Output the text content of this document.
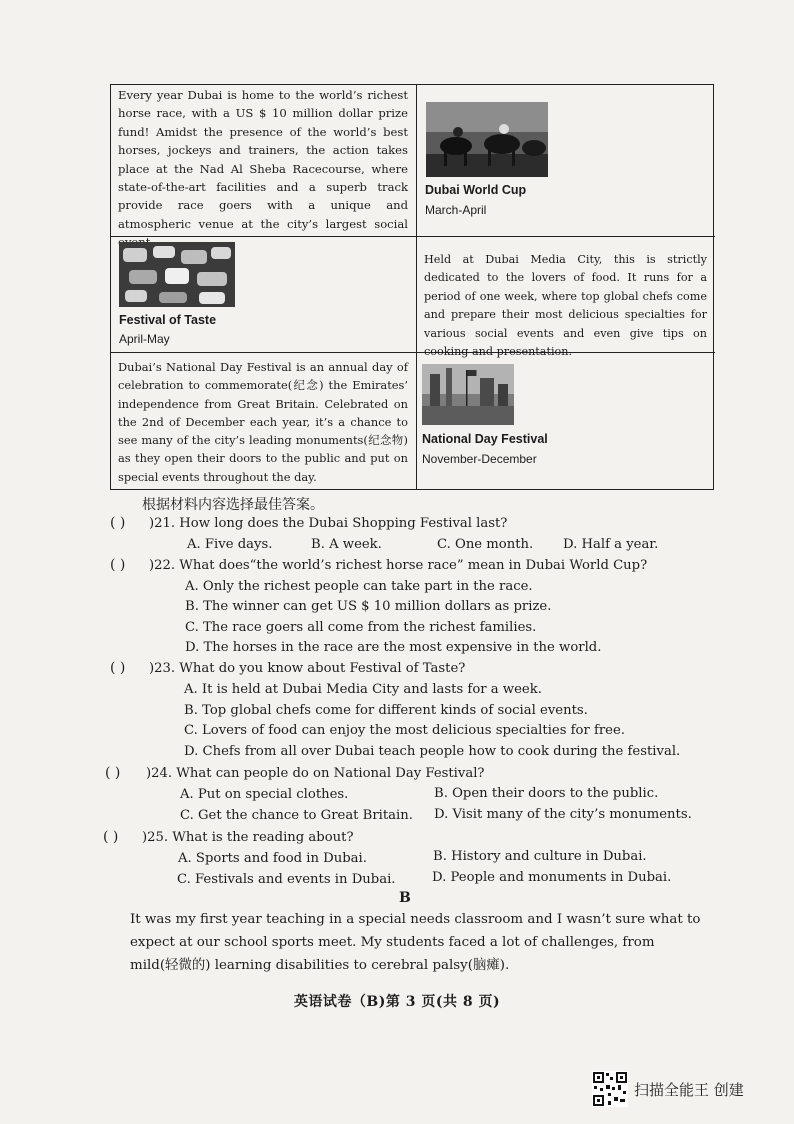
Every year Dubai is home to the world’s richest horse race, with a US $ 10 million dollar prize fund! Amidst the presence of the world’s best horses, jockeys and trainers, the action takes place at the Nad Al Sheba Racecourse, where state-of-the-art facilities and a superb track provide race goers with a unique and atmospheric venue at the city’s largest social
Dubai World Cup
March-April
Festival of Taste
April-May
Held at Dubai Media City, this is strictly dedicated to the lovers of food. It runs for a period of one week, where top global chefs come and prepare their most delicious specialties for various social events and even give tips on cooking and presentation.
Dubai’s National Day Festival is an annual day of celebration to commemorate(纪念) the Emirates’ independence from Great Britain. Celebrated on the 2nd of December each year, it’s a chance to see many of the city’s leading monuments(纪念物) as they open their doors to the public and put on special events throughout the day.
National Day Festival
November-December
根据材料内容选择最佳答案。
( ) )21. How long does the Dubai Shopping Festival last?
A. Five days.	B. A week.	C. One month. D. Half a year.
( ) )22. What does“the world’s richest horse race” mean in Dubai World Cup?
A. Only the richest people can take part in the race.
B. The winner can get US $ 10 million dollars as prize.
C. The race goers all come from the richest families.
D. The horses in the race are the most expensive in the world.
( ) )23. What do you know about Festival of Taste?
A. It is held at Dubai Media City and lasts for a week.
B. Top global chefs come for different kinds of social events.
C. Lovers of food can enjoy the most delicious specialties for free.
D. Chefs from all over Dubai teach people how to cook during the festival.
( ) )24. What can people do on National Day Festival?
A. Put on special clothes.	B. Open their doors to the public.
C. Get the chance to Great Britain. D. Visit many of the city’s monuments.
( ) )25. What is the reading about?
A. Sports and food in Dubai.	B. History and culture in Dubai.
C. Festivals and events in Dubai.	D. People and monuments in Dubai.
B
It was my first year teaching in a special needs classroom and I wasn’t sure what to expect at our school sports meet. My students faced a lot of challenges, from mild(轻微的) learning disabilities to cerebral palsy(脑瘫).
英语试卷（B)第 3 页(共 8 页)
扫描全能王 创建
